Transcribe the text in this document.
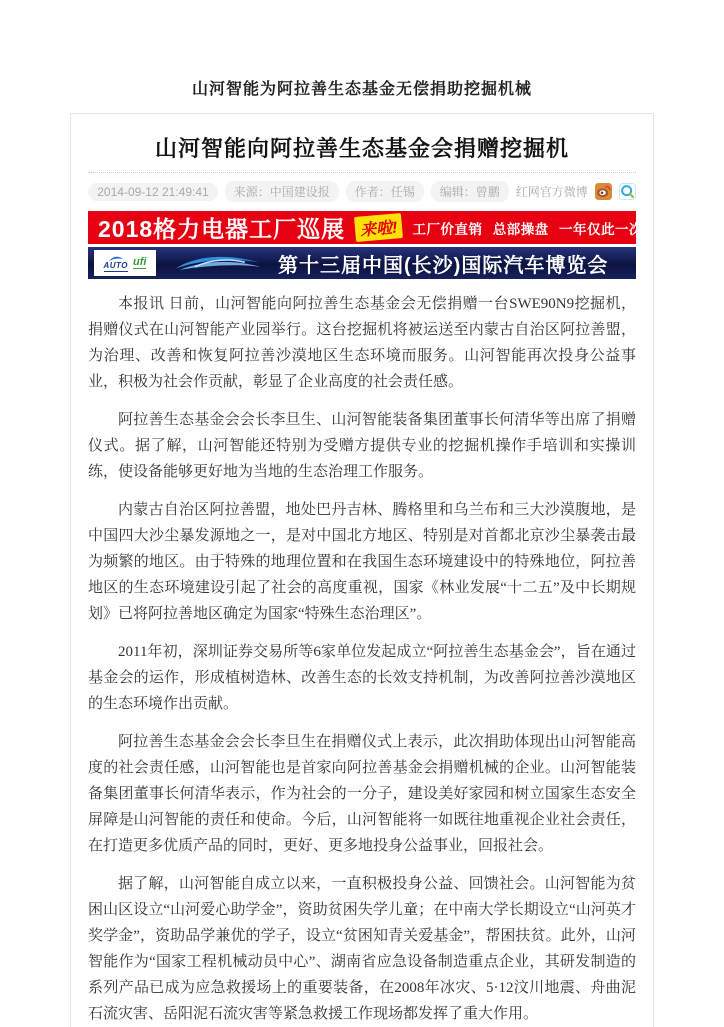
山河智能为阿拉善生态基金无偿捐助挖掘机械
山河智能向阿拉善生态基金会捐赠挖掘机
2014-09-12 21:49:41	来源：中国建设报	作者：任锡	编辑：曾鹏	红网官方微博
2018格力电器工厂巡展 来啦!	工厂价直销 总部操盘 一年仅此一次
AUTO ufi	第十三届中国(长沙)国际汽车博览会

本报讯 日前，山河智能向阿拉善生态基金会无偿捐赠一台SWE90N9挖掘机，捐赠仪式在山河智能产业园举行。这台挖掘机将被运送至内蒙古自治区阿拉善盟，为治理、改善和恢复阿拉善沙漠地区生态环境而服务。山河智能再次投身公益事业，积极为社会作贡献，彰显了企业高度的社会责任感。

阿拉善生态基金会会长李旦生、山河智能装备集团董事长何清华等出席了捐赠仪式。据了解，山河智能还特别为受赠方提供专业的挖掘机操作手培训和实操训练，使设备能够更好地为当地的生态治理工作服务。

内蒙古自治区阿拉善盟，地处巴丹吉林、腾格里和乌兰布和三大沙漠腹地，是中国四大沙尘暴发源地之一，是对中国北方地区、特别是对首都北京沙尘暴袭击最为频繁的地区。由于特殊的地理位置和在我国生态环境建设中的特殊地位，阿拉善地区的生态环境建设引起了社会的高度重视，国家《林业发展“十二五”及中长期规划》已将阿拉善地区确定为国家“特殊生态治理区”。

2011年初，深圳证券交易所等6家单位发起成立“阿拉善生态基金会”，旨在通过基金会的运作，形成植树造林、改善生态的长效支持机制，为改善阿拉善沙漠地区的生态环境作出贡献。

阿拉善生态基金会会长李旦生在捐赠仪式上表示，此次捐助体现出山河智能高度的社会责任感，山河智能也是首家向阿拉善基金会捐赠机械的企业。山河智能装备集团董事长何清华表示，作为社会的一分子，建设美好家园和树立国家生态安全屏障是山河智能的责任和使命。今后，山河智能将一如既往地重视企业社会责任，在打造更多优质产品的同时，更好、更多地投身公益事业，回报社会。

据了解，山河智能自成立以来，一直积极投身公益、回馈社会。山河智能为贫困山区设立“山河爱心助学金”，资助贫困失学儿童；在中南大学长期设立“山河英才奖学金”，资助品学兼优的学子，设立“贫困知青关爱基金”，帮困扶贫。此外，山河智能作为“国家工程机械动员中心”、湖南省应急设备制造重点企业，其研发制造的系列产品已成为应急救援场上的重要装备，在2008年冰灾、5·12汶川地震、舟曲泥石流灾害、岳阳泥石流灾害等紧急救援工作现场都发挥了重大作用。
